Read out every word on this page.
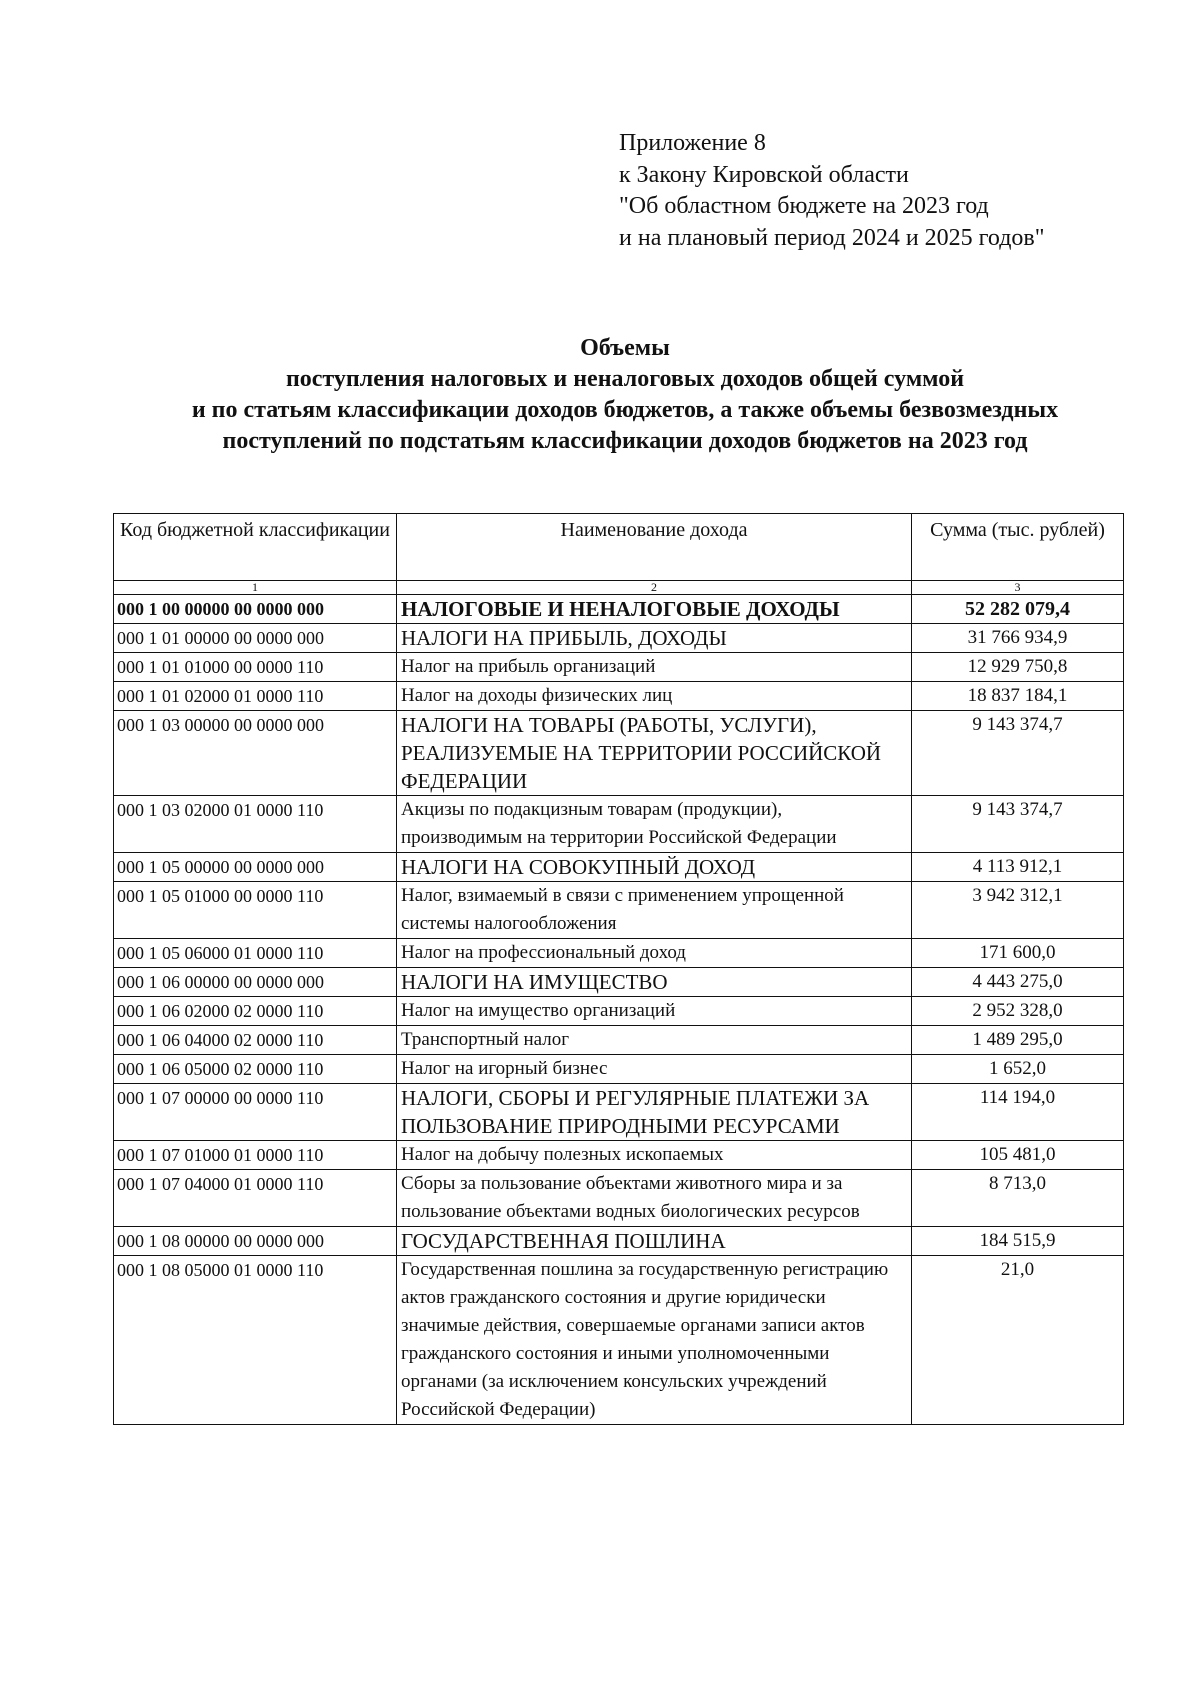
Приложение 8
к Закону Кировской области
"Об областном бюджете на 2023 год
и на плановый период 2024 и 2025 годов"
Объемы
поступления налоговых и неналоговых доходов общей суммой
и по статьям классификации доходов бюджетов, а также объемы безвозмездных
поступлений по подстатьям классификации доходов бюджетов на 2023 год
Код бюджетной классификации	Наименование дохода	Сумма (тыс. рублей)
1	2	3
000 1 00 00000 00 0000 000	НАЛОГОВЫЕ И НЕНАЛОГОВЫЕ ДОХОДЫ	52 282 079,4
000 1 01 00000 00 0000 000	НАЛОГИ НА ПРИБЫЛЬ, ДОХОДЫ	31 766 934,9
000 1 01 01000 00 0000 110	Налог на прибыль организаций	12 929 750,8
000 1 01 02000 01 0000 110	Налог на доходы физических лиц	18 837 184,1
000 1 03 00000 00 0000 000	НАЛОГИ НА ТОВАРЫ (РАБОТЫ, УСЛУГИ), РЕАЛИЗУЕМЫЕ НА ТЕРРИТОРИИ РОССИЙСКОЙ ФЕДЕРАЦИИ	9 143 374,7
000 1 03 02000 01 0000 110	Акцизы по подакцизным товарам (продукции), производимым на территории Российской Федерации	9 143 374,7
000 1 05 00000 00 0000 000	НАЛОГИ НА СОВОКУПНЫЙ ДОХОД	4 113 912,1
000 1 05 01000 00 0000 110	Налог, взимаемый в связи с применением упрощенной системы налогообложения	3 942 312,1
000 1 05 06000 01 0000 110	Налог на профессиональный доход	171 600,0
000 1 06 00000 00 0000 000	НАЛОГИ НА ИМУЩЕСТВО	4 443 275,0
000 1 06 02000 02 0000 110	Налог на имущество организаций	2 952 328,0
000 1 06 04000 02 0000 110	Транспортный налог	1 489 295,0
000 1 06 05000 02 0000 110	Налог на игорный бизнес	1 652,0
000 1 07 00000 00 0000 110	НАЛОГИ, СБОРЫ И РЕГУЛЯРНЫЕ ПЛАТЕЖИ ЗА ПОЛЬЗОВАНИЕ ПРИРОДНЫМИ РЕСУРСАМИ	114 194,0
000 1 07 01000 01 0000 110	Налог на добычу полезных ископаемых	105 481,0
000 1 07 04000 01 0000 110	Сборы за пользование объектами животного мира и за пользование объектами водных биологических ресурсов	8 713,0
000 1 08 00000 00 0000 000	ГОСУДАРСТВЕННАЯ ПОШЛИНА	184 515,9
000 1 08 05000 01 0000 110	Государственная пошлина за государственную регистрацию актов гражданского состояния и другие юридически значимые действия, совершаемые органами записи актов гражданского состояния и иными уполномоченными органами (за исключением консульских учреждений Российской Федерации)	21,0
